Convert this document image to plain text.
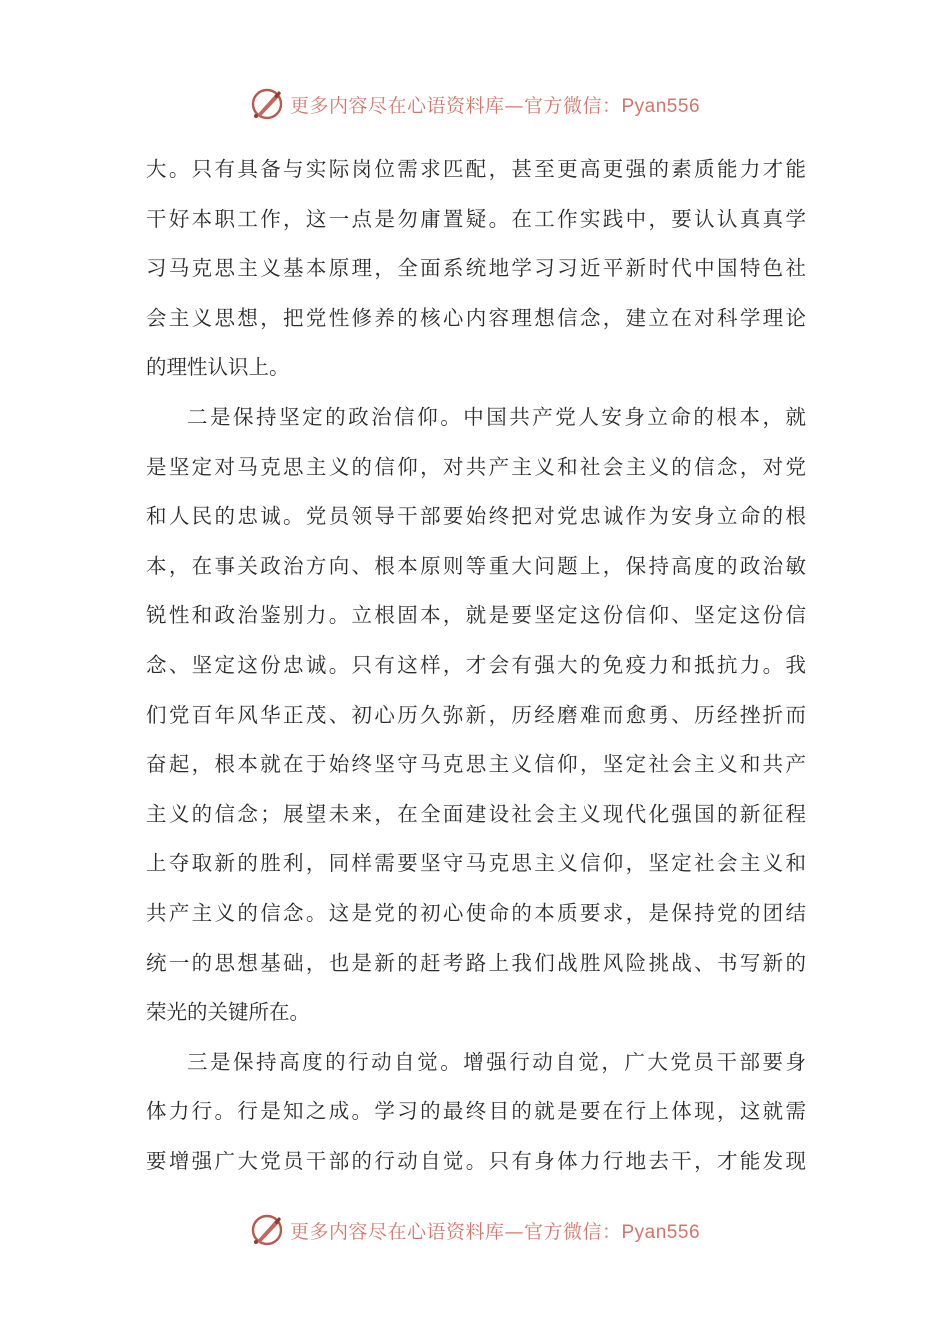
更多内容尽在心语资料库—官方微信：Pyan556
大。只有具备与实际岗位需求匹配，甚至更高更强的素质能力才能
干好本职工作，这一点是勿庸置疑。在工作实践中，要认认真真学
习马克思主义基本原理，全面系统地学习习近平新时代中国特色社
会主义思想，把党性修养的核心内容理想信念，建立在对科学理论
的理性认识上。
二是保持坚定的政治信仰。中国共产党人安身立命的根本，就
是坚定对马克思主义的信仰，对共产主义和社会主义的信念，对党
和人民的忠诚。党员领导干部要始终把对党忠诚作为安身立命的根
本，在事关政治方向、根本原则等重大问题上，保持高度的政治敏
锐性和政治鉴别力。立根固本，就是要坚定这份信仰、坚定这份信
念、坚定这份忠诚。只有这样，才会有强大的免疫力和抵抗力。我
们党百年风华正茂、初心历久弥新，历经磨难而愈勇、历经挫折而
奋起，根本就在于始终坚守马克思主义信仰，坚定社会主义和共产
主义的信念；展望未来，在全面建设社会主义现代化强国的新征程
上夺取新的胜利，同样需要坚守马克思主义信仰，坚定社会主义和
共产主义的信念。这是党的初心使命的本质要求，是保持党的团结
统一的思想基础，也是新的赶考路上我们战胜风险挑战、书写新的
荣光的关键所在。
三是保持高度的行动自觉。增强行动自觉，广大党员干部要身
体力行。行是知之成。学习的最终目的就是要在行上体现，这就需
要增强广大党员干部的行动自觉。只有身体力行地去干，才能发现
更多内容尽在心语资料库—官方微信：Pyan556
